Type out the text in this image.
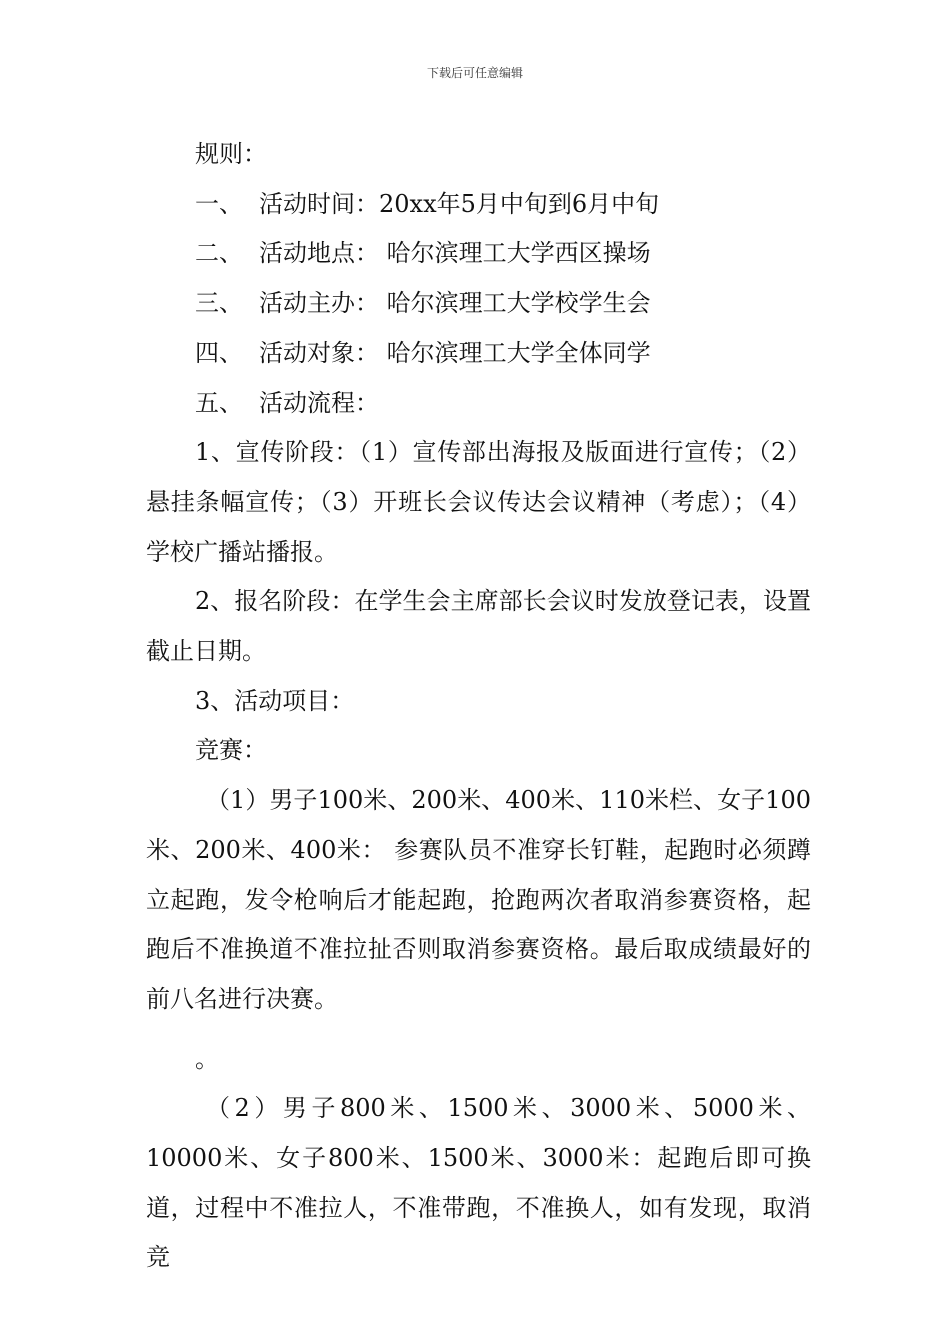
下载后可任意编辑

规则：

一、 活动时间： 20xx年5月中旬到6月中旬
二、 活动地点： 哈尔滨理工大学西区操场
三、 活动主办： 哈尔滨理工大学校学生会
四、 活动对象： 哈尔滨理工大学全体同学
五、 活动流程：

1、宣传阶段：（1）宣传部出海报及版面进行宣传；（2）悬挂条幅宣传；（3）开班长会议传达会议精神（考虑）；（4）学校广播站播报。

2、报名阶段：在学生会主席部长会议时发放登记表，设置截止日期。

3、活动项目：

竞赛：

（1）男子100米、200米、400米、110米栏、女子100米、200米、400米： 参赛队员不准穿长钉鞋，起跑时必须蹲立起跑，发令枪响后才能起跑，抢跑两次者取消参赛资格，起跑后不准换道不准拉扯否则取消参赛资格。最后取成绩最好的前八名进行决赛。

。

（2）男子800米、1500米、3000米、5000米、10000米、女子800米、1500米、3000米：起跑后即可换道，过程中不准拉人，不准带跑，不准换人，如有发现，取消竞
